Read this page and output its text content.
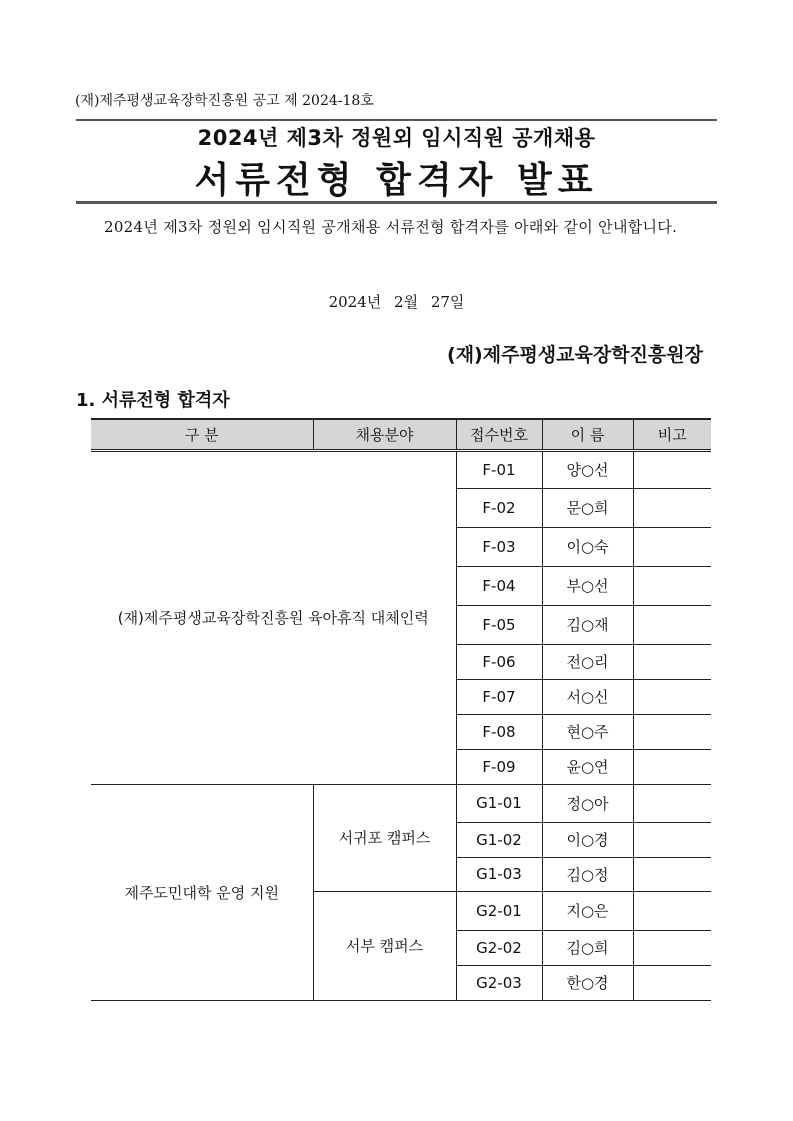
(재)제주평생교육장학진흥원 공고 제 2024-18호
2024년 제3차 정원외 임시직원 공개채용
서류전형 합격자 발표
2024년 제3차 정원외 임시직원 공개채용 서류전형 합격자를 아래와 같이 안내합니다.
2024년 2월 27일
(재)제주평생교육장학진흥원장
1. 서류전형 합격자
구 분	채용분야	접수번호	이 름	비고
(재)제주평생교육장학진흥원 육아휴직 대체인력		F-01	양○선	
		F-02	문○희	
		F-03	이○숙	
		F-04	부○선	
		F-05	김○재	
		F-06	전○리	
		F-07	서○신	
		F-08	현○주	
		F-09	윤○연	
제주도민대학 운영 지원	서귀포 캠퍼스	G1-01	정○아	
		G1-02	이○경	
		G1-03	김○정	
	서부 캠퍼스	G2-01	지○은	
		G2-02	김○희	
		G2-03	한○경	
